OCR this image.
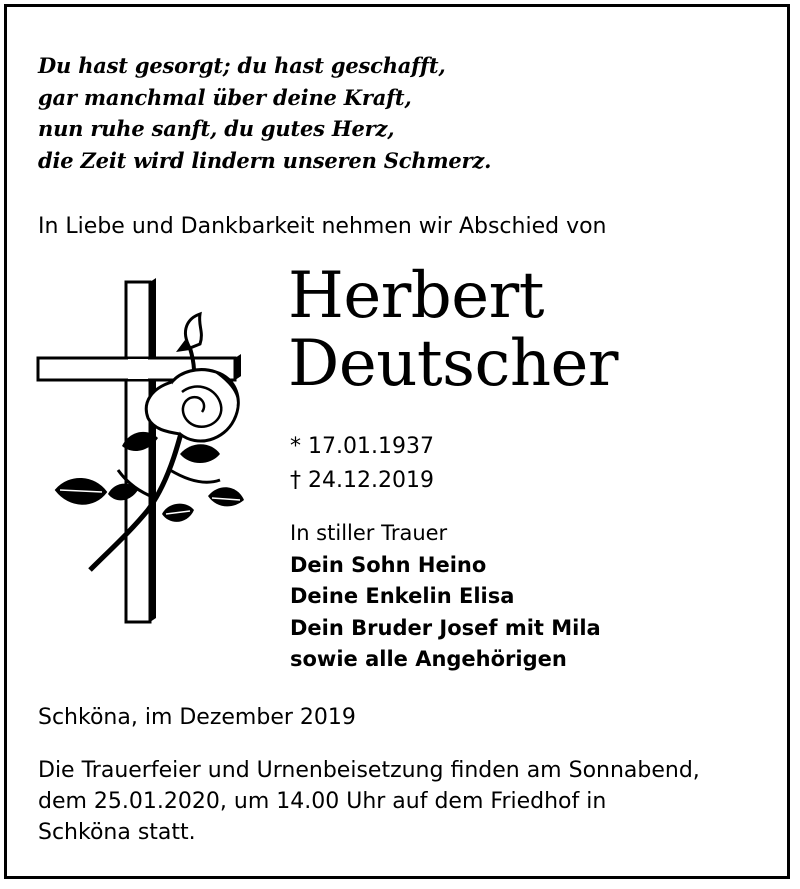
Du hast gesorgt; du hast geschafft,
gar manchmal über deine Kraft,
nun ruhe sanft, du gutes Herz,
die Zeit wird lindern unseren Schmerz.
In Liebe und Dankbarkeit nehmen wir Abschied von
Herbert
Deutscher
* 17.01.1937
† 24.12.2019
In stiller Trauer
Dein Sohn Heino
Deine Enkelin Elisa
Dein Bruder Josef mit Mila
sowie alle Angehörigen
Schköna, im Dezember 2019
Die Trauerfeier und Urnenbeisetzung finden am Sonnabend,
dem 25.01.2020, um 14.00 Uhr auf dem Friedhof in
Schköna statt.
